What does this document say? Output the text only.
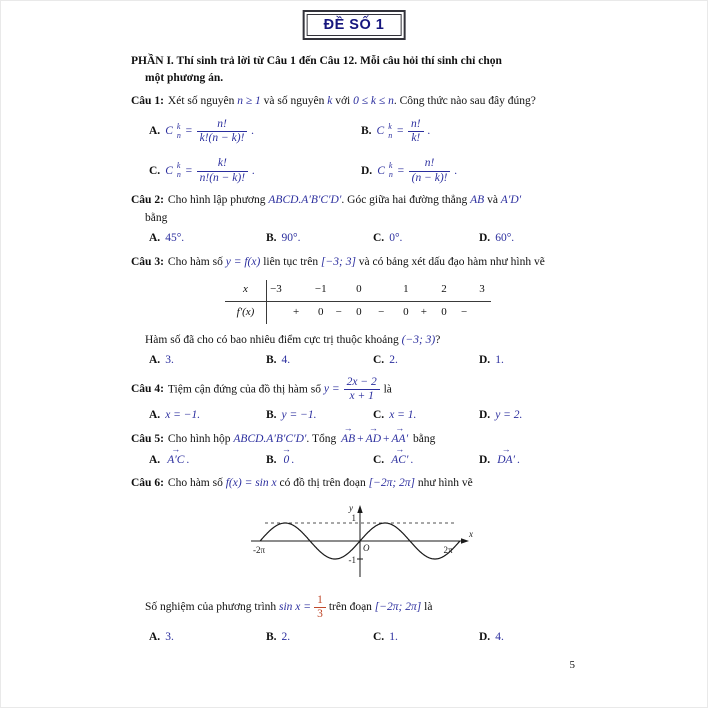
ĐỀ SỐ 1
PHẦN I. Thí sinh trả lời từ Câu 1 đến Câu 12. Mỗi câu hỏi thí sinh chỉ chọn
một phương án.

Câu 1: Xét số nguyên n ≥ 1 và số nguyên k với 0 ≤ k ≤ n. Công thức nào sau đây đúng?

A. C k
$n = \frac{n!}{k!(n - k)!}$ .	B. C k
$n = \frac{n!}{k!}$ .
C. C k
$n = \frac{k!}{n!(n - k)!}$ .	D. C k
$n = \frac{n!}{(n - k)!}$ .

Câu 2: Cho hình lập phương ABCD.A′B′C′D′. Góc giữa hai đường thẳng AB và A′D′

bằng

A. 45°.	B. 90°.	C. 0°.	D. 60°.

Câu 3: Cho hàm số y = f(x) liên tục trên [−3; 3] và có bảng xét dấu đạo hàm như hình vẽ

x	−3	−1	0	1	2	3
f′(x)	+ 0 − 0 − 0 + 0 −

Hàm số đã cho có bao nhiêu điểm cực trị thuộc khoảng (−3; 3)?

A. 3.	B. 4.	C. 2.	D. 1.

Câu 4: Tiệm cận đứng của đồ thị hàm số $y = \frac{2x - 2}{x + 1}$ là

A. x = −1.	B. y = −1.	C. x = 1.	D. y = 2.

Câu 5: Cho hình hộp ABCD.A′B′C′D′. Tổng → AB + → AD + → AA′ bằng

A. → A′C .	B. → 0 .	C. → AC′ .	D. → DA′ .

Câu 6: Cho hàm số f(x) = sin x có đồ thị trên đoạn [−2π; 2π] như hình vẽ

y
1
O
-1
-2π	2π
x

Số nghiệm của phương trình $\sin x = \frac{1}{3}$ trên đoạn [−2π; 2π] là

A. 3.	B. 2.	C. 1.	D. 4.
5
